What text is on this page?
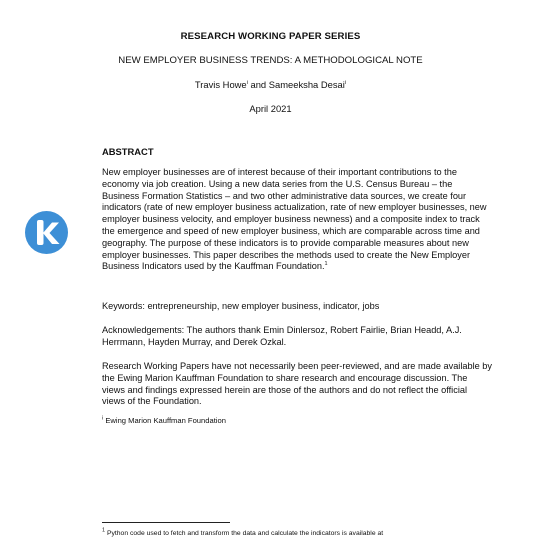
RESEARCH WORKING PAPER SERIES
NEW EMPLOYER BUSINESS TRENDS: A METHODOLOGICAL NOTE
Travis Howe$^i$ and Sameeksha Desai$^i$
April 2021
ABSTRACT
New employer businesses are of interest because of their important contributions to the economy via job creation. Using a new data series from the U.S. Census Bureau – the Business Formation Statistics – and two other administrative data sources, we create four indicators (rate of new employer business actualization, rate of new employer businesses, new employer business velocity, and employer business newness) and a composite index to track the emergence and speed of new employer business, which are comparable across time and geography. The purpose of these indicators is to provide comparable measures about new employer businesses. This paper describes the methods used to create the New Employer Business Indicators used by the Kauffman Foundation.$^1$
Keywords: entrepreneurship, new employer business, indicator, jobs
Acknowledgements: The authors thank Emin Dinlersoz, Robert Fairlie, Brian Headd, A.J. Herrmann, Hayden Murray, and Derek Ozkal.
Research Working Papers have not necessarily been peer-reviewed, and are made available by the Ewing Marion Kauffman Foundation to share research and encourage discussion. The views and findings expressed herein are those of the authors and do not reflect the official views of the Foundation.
$^i$ Ewing Marion Kauffman Foundation
$^1$ Python code used to fetch and transform the data and calculate the indicators is available at
